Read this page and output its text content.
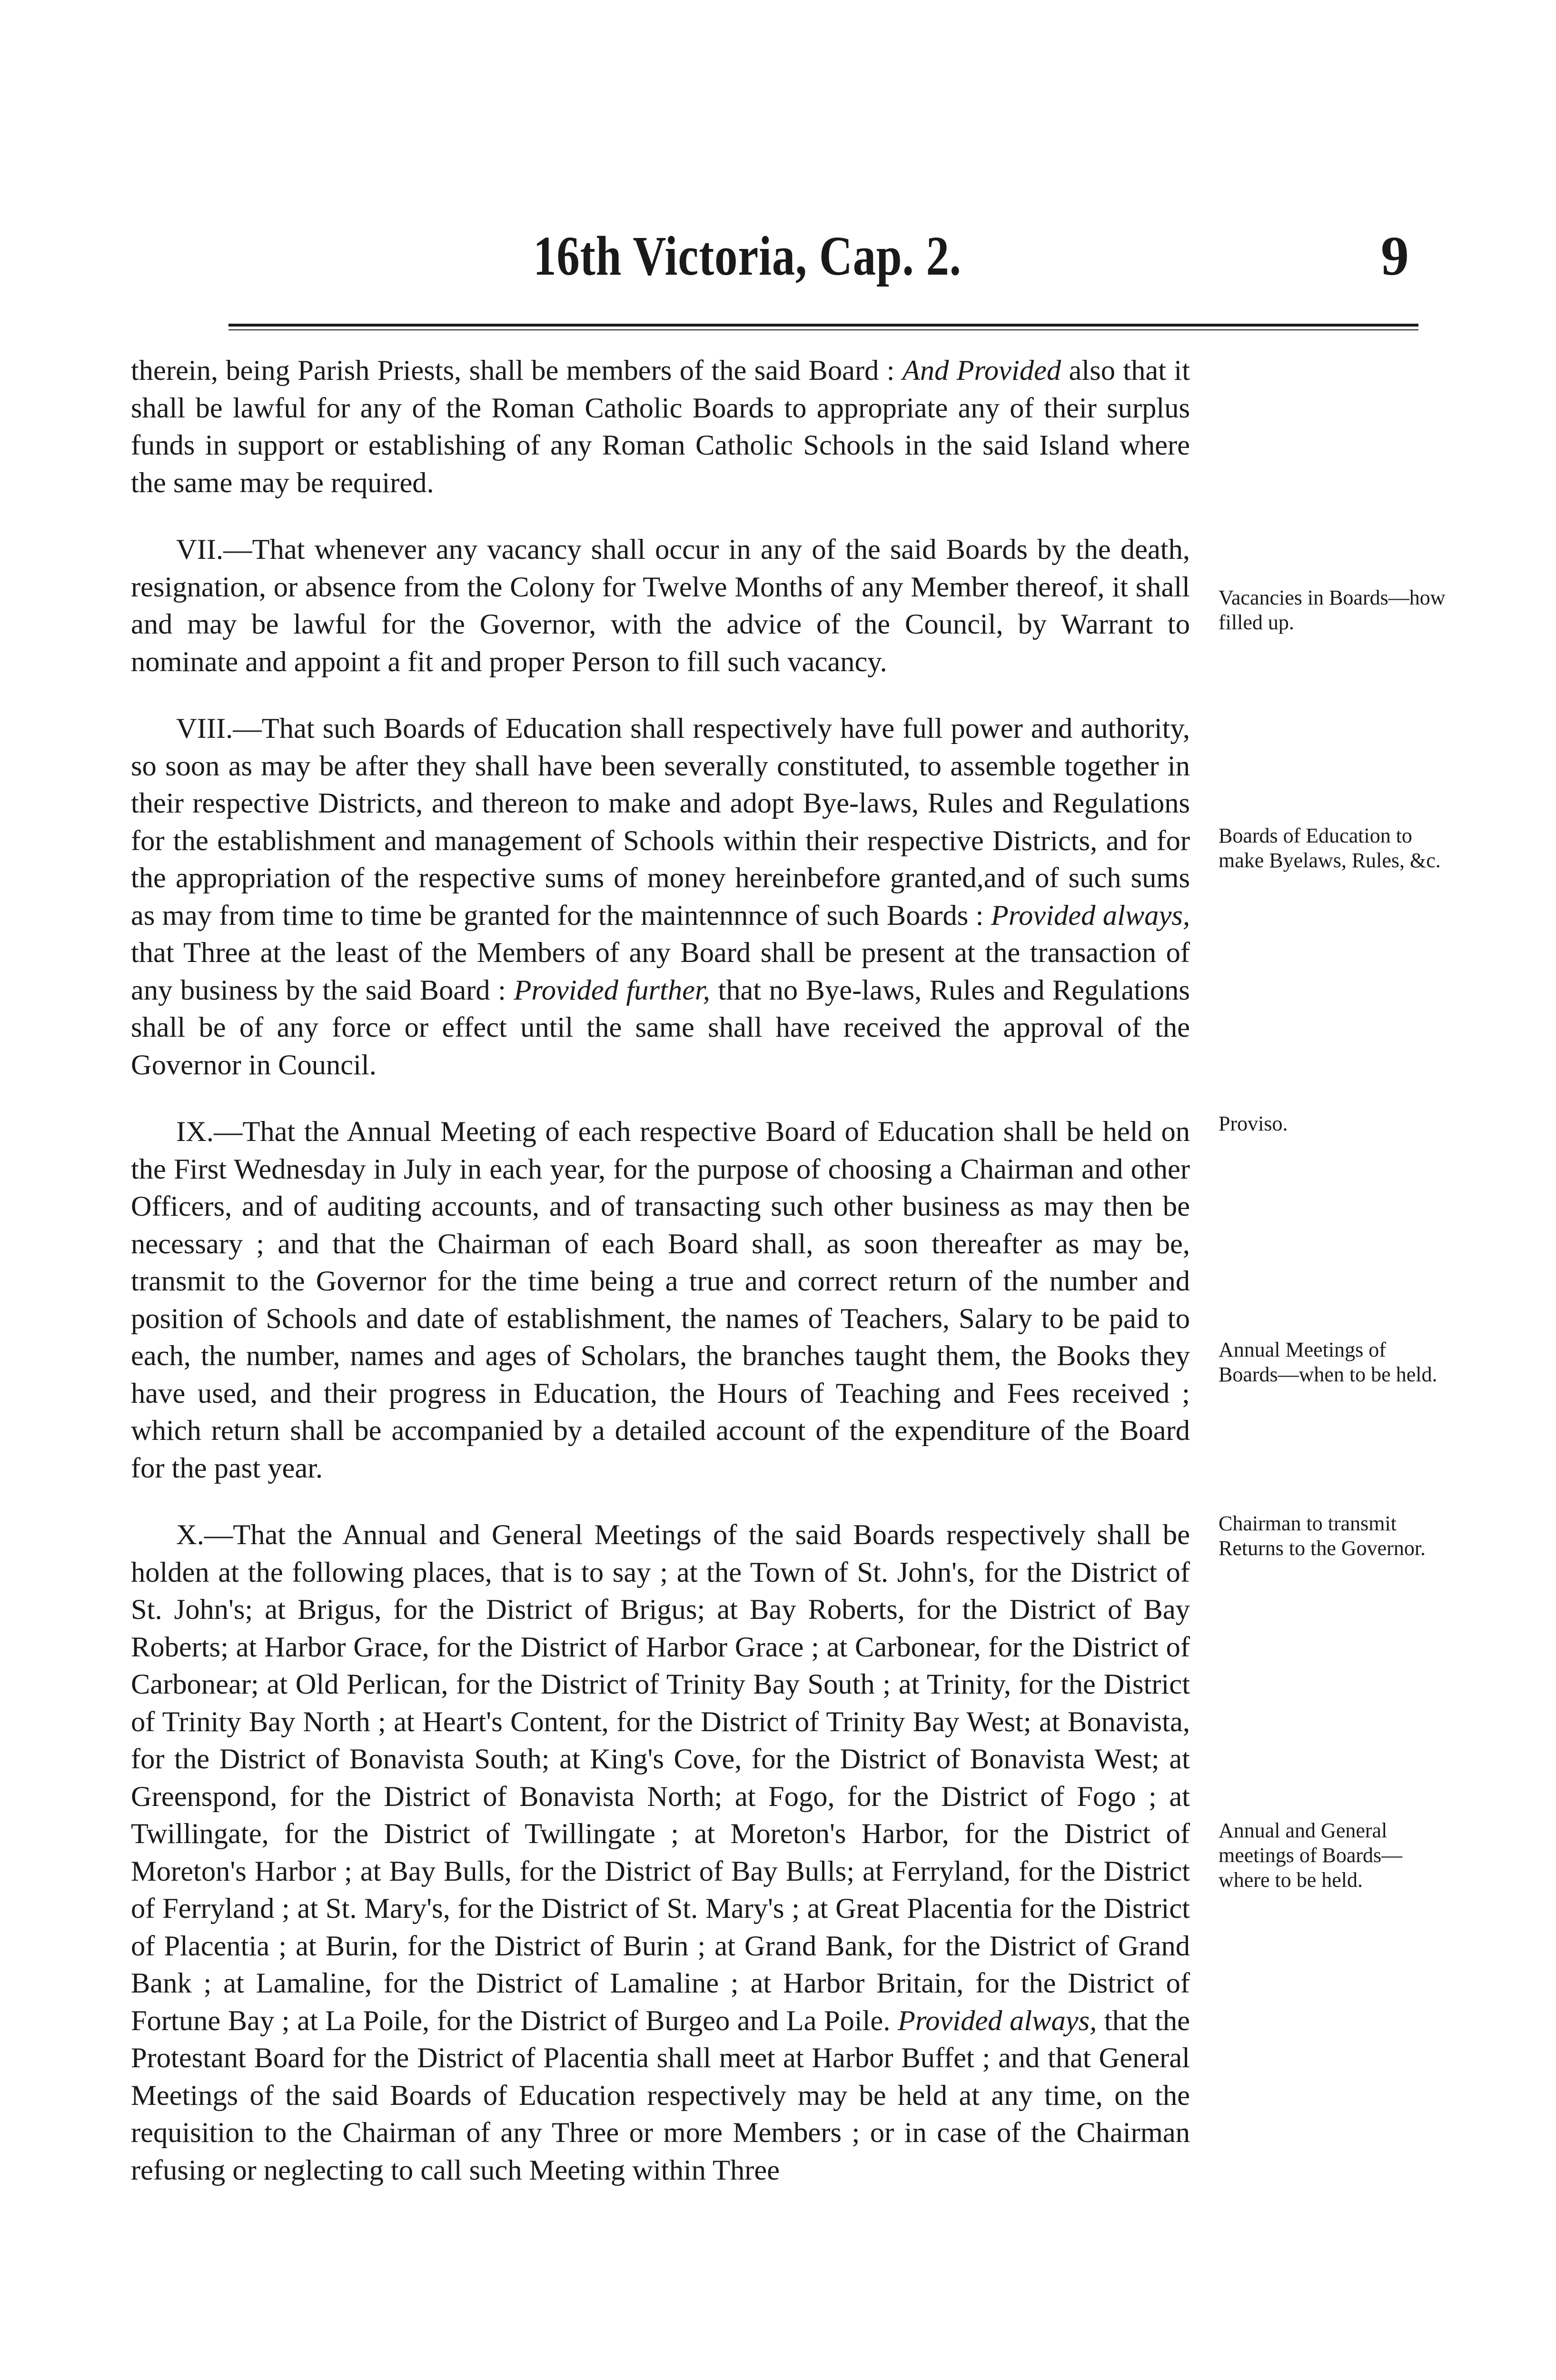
16th Victoria, Cap. 2.	9

therein, being Parish Priests, shall be members of the said Board : And Provided also that it shall be lawful for any of the Roman Catholic Boards to appropriate any of their surplus funds in support or establishing of any Roman Catholic Schools in the said Island where the same may be required.

VII.—That whenever any vacancy shall occur in any of the said Boards by the death, resignation, or absence from the Colony for Twelve Months of any Member thereof, it shall and may be lawful for the Governor, with the advice of the Council, by Warrant to nominate and appoint a fit and proper Person to fill such vacancy.

VIII.—That such Boards of Education shall respectively have full power and authority, so soon as may be after they shall have been severally constituted, to assemble together in their respective Districts, and thereon to make and adopt Bye-laws, Rules and Regulations for the establishment and management of Schools within their respective Districts, and for the appropriation of the respective sums of money hereinbefore granted,and of such sums as may from time to time be granted for the maintennnce of such Boards : Provided always, that Three at the least of the Members of any Board shall be present at the transaction of any business by the said Board : Provided further, that no Bye-laws, Rules and Regulations shall be of any force or effect until the same shall have received the approval of the Governor in Council.

IX.—That the Annual Meeting of each respective Board of Education shall be held on the First Wednesday in July in each year, for the purpose of choosing a Chairman and other Officers, and of auditing accounts, and of transacting such other business as may then be necessary ; and that the Chairman of each Board shall, as soon thereafter as may be, transmit to the Governor for the time being a true and correct return of the number and position of Schools and date of establishment, the names of Teachers, Salary to be paid to each, the number, names and ages of Scholars, the branches taught them, the Books they have used, and their progress in Education, the Hours of Teaching and Fees received ; which return shall be accompanied by a detailed account of the expenditure of the Board for the past year.

X.—That the Annual and General Meetings of the said Boards respectively shall be holden at the following places, that is to say ; at the Town of St. John's, for the District of St. John's; at Brigus, for the District of Brigus; at Bay Roberts, for the District of Bay Roberts; at Harbor Grace, for the District of Harbor Grace ; at Carbonear, for the District of Carbonear; at Old Perlican, for the District of Trinity Bay South ; at Trinity, for the District of Trinity Bay North ; at Heart's Content, for the District of Trinity Bay West; at Bonavista, for the District of Bonavista South; at King's Cove, for the District of Bonavista West; at Greenspond, for the District of Bonavista North; at Fogo, for the District of Fogo ; at Twillingate, for the District of Twillingate ; at Moreton's Harbor, for the District of Moreton's Harbor ; at Bay Bulls, for the District of Bay Bulls; at Ferryland, for the District of Ferryland ; at St. Mary's, for the District of St. Mary's ; at Great Placentia for the District of Placentia ; at Burin, for the District of Burin ; at Grand Bank, for the District of Grand Bank ; at Lamaline, for the District of Lamaline ; at Harbor Britain, for the District of Fortune Bay ; at La Poile, for the District of Burgeo and La Poile. Provided always, that the Protestant Board for the District of Placentia shall meet at Harbor Buffet ; and that General Meetings of the said Boards of Education respectively may be held at any time, on the requisition to the Chairman of any Three or more Members ; or in case of the Chairman refusing or neglecting to call such Meeting within Three

Vacancies in Boards—how filled up.
Boards of Education to make Byelaws, Rules, &c.
Proviso.
Annual Meetings of Boards—when to be held.
Chairman to transmit Returns to the Governor.
Annual and General meetings of Boards—where to be held.
